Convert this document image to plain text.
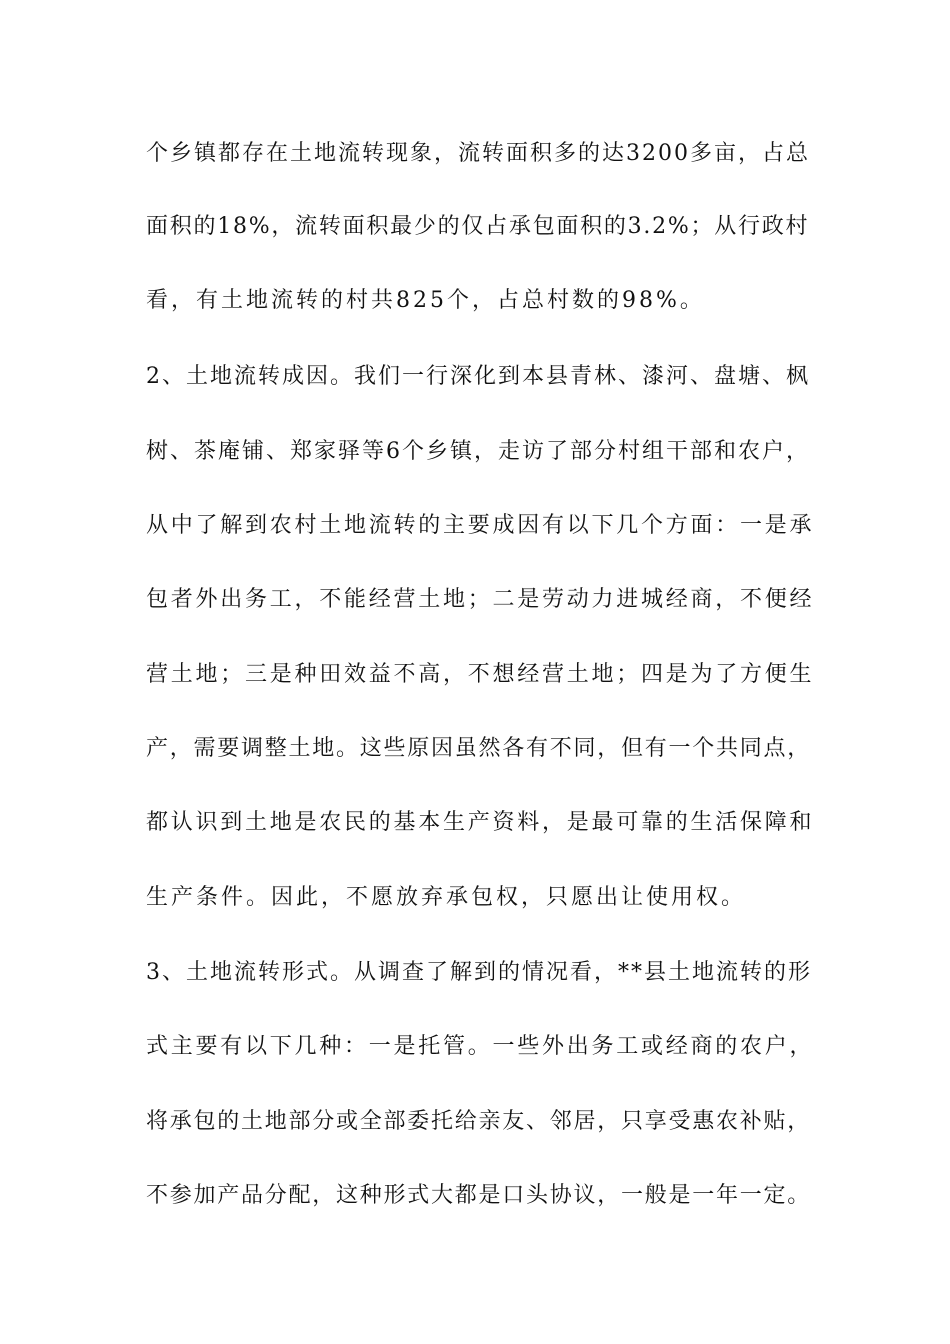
个乡镇都存在土地流转现象，流转面积多的达3200多亩，占总
面积的18%，流转面积最少的仅占承包面积的3.2%；从行政村
看，有土地流转的村共825个，占总村数的98%。
2、土地流转成因。我们一行深化到本县青林、漆河、盘塘、枫
树、茶庵铺、郑家驿等6个乡镇，走访了部分村组干部和农户，
从中了解到农村土地流转的主要成因有以下几个方面：一是承
包者外出务工，不能经营土地；二是劳动力进城经商，不便经
营土地；三是种田效益不高，不想经营土地；四是为了方便生
产，需要调整土地。这些原因虽然各有不同，但有一个共同点，
都认识到土地是农民的基本生产资料，是最可靠的生活保障和
生产条件。因此，不愿放弃承包权，只愿出让使用权。
3、土地流转形式。从调查了解到的情况看，**县土地流转的形
式主要有以下几种：一是托管。一些外出务工或经商的农户，
将承包的土地部分或全部委托给亲友、邻居，只享受惠农补贴，
不参加产品分配，这种形式大都是口头协议，一般是一年一定。
